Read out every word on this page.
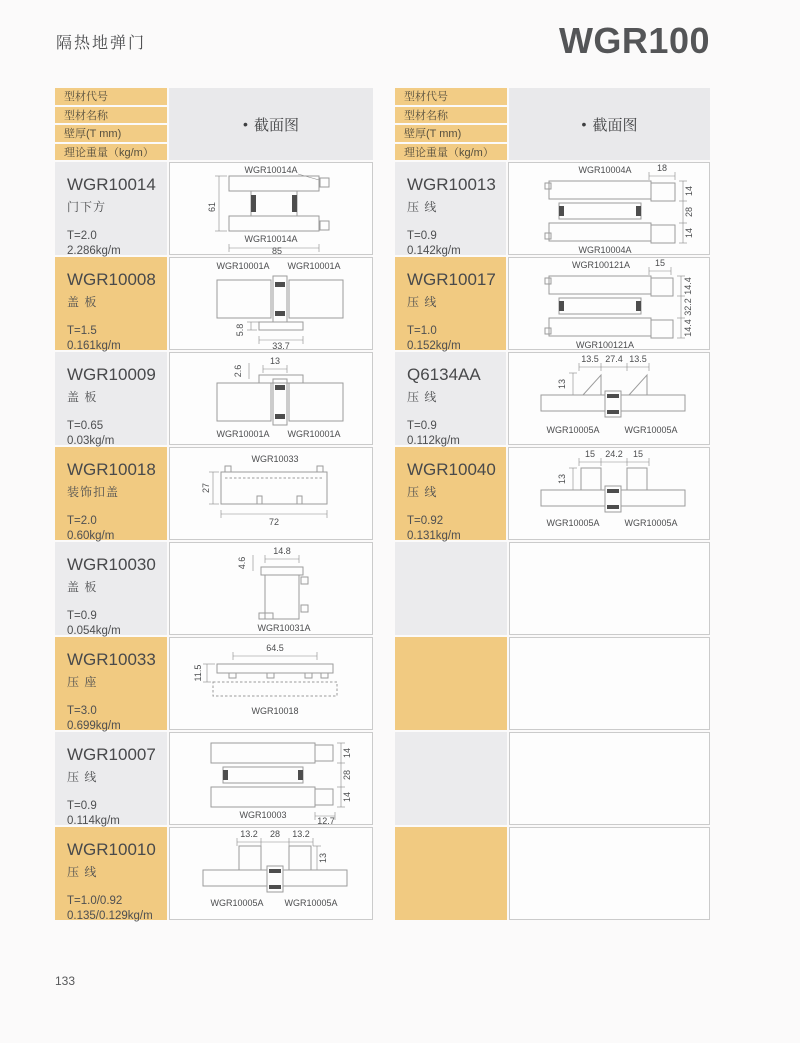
隔热地弹门	WGR100
型材代号
型材名称
壁厚(T mm)
理论重量（kg/m）
• 截面图
WGR10014
门下方
T=2.0
2.286kg/m
WGR10014A
61
WGR10014A
85
WGR10008
盖 板
T=1.5
0.161kg/m
WGR10001A WGR10001A
5.8
33.7
WGR10009
盖 板
T=0.65
0.03kg/m
2.6
13
WGR10001A WGR10001A
WGR10018
装饰扣盖
T=2.0
0.60kg/m
WGR10033
27
72
WGR10030
盖 板
T=0.9
0.054kg/m
4.6
14.8
WGR10031A
WGR10033
压 座
T=3.0
0.699kg/m
64.5
11.5
WGR10018
WGR10007
压 线
T=0.9
0.114kg/m
14
28
14
WGR10003
12.7
WGR10010
压 线
T=1.0/0.92
0.135/0.129kg/m
13.2 28 13.2
13
WGR10005A WGR10005A
型材代号
型材名称
壁厚(T mm)
理论重量（kg/m）
• 截面图
WGR10013
压 线
T=0.9
0.142kg/m
WGR10004A	18
14
28
14
WGR10004A
WGR10017
压 线
T=1.0
0.152kg/m
WGR100121A	15
14.4
32.2
14.4
WGR100121A
Q6134AA
压 线
T=0.9
0.112kg/m
13.5 27.4 13.5
13
WGR10005A	WGR10005A
WGR10040
压 线
T=0.92
0.131kg/m
15 24.2 15
13
WGR10005A	WGR10005A
133
